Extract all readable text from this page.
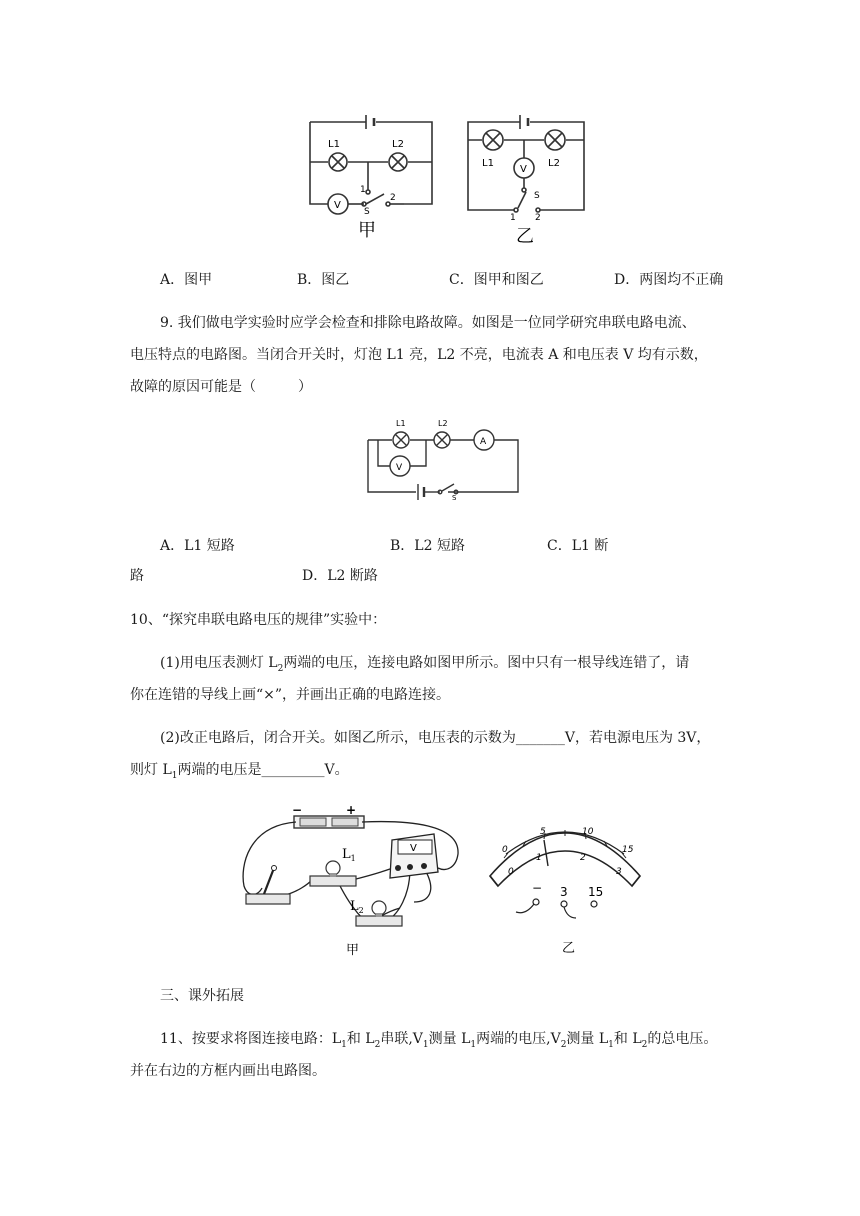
L1	L2
V
1
2
S
甲
L1	L2
V
S
1 2
乙
A．图甲	B．图乙	C．图甲和图乙	D．两图均不正确
9. 我们做电学实验时应学会检查和排除电路故障。如图是一位同学研究串联电路电流、
电压特点的电路图。当闭合开关时，灯泡 L1 亮，L2 不亮，电流表 A 和电压表 V 均有示数，
故障的原因可能是（　　　）
L1	L2
A
V
S
A．L1 短路	B．L2 短路	C．L1 断
路	D．L2 断路
10、“探究串联电路电压的规律”实验中：
(1)用电压表测灯 $L_2$两端的电压，连接电路如图甲所示。图中只有一根导线连错了，请
你在连错的导线上画“×”，并画出正确的电路连接。
(2)改正电路后，闭合开关。如图乙所示，电压表的示数为_______V，若电源电压为 3V，
则灯 $L_1$两端的电压是_________V。
−	+
$L_1$
$L_2$
V
甲
0
5	10
15
0
1	2
3
− 3 15
乙
三、课外拓展
11、按要求将图连接电路：$L_1$和 $L_2$串联$,V_1$测量 $L_1$两端的电压$,V_2$测量 $L_1$和 $L_2$的总电压。
并在右边的方框内画出电路图。
